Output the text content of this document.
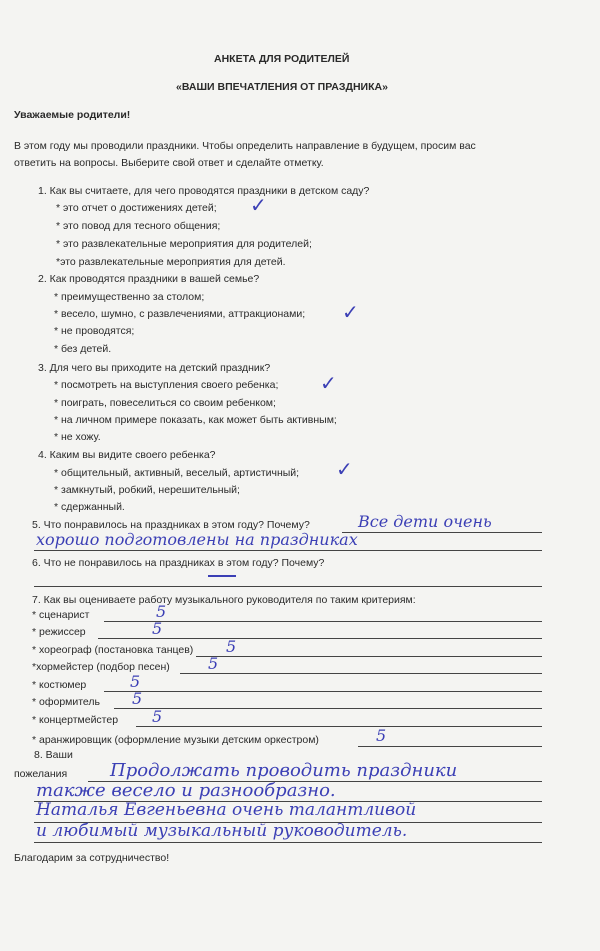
АНКЕТА ДЛЯ РОДИТЕЛЕЙ
«ВАШИ ВПЕЧАТЛЕНИЯ ОТ ПРАЗДНИКА»
Уважаемые родители!
В этом году мы проводили праздники. Чтобы определить направление в будущем, просим вас
ответить на вопросы. Выберите свой ответ и сделайте отметку.
1. Как вы считаете, для чего проводятся праздники в детском саду?
* это отчет о достижениях детей; ✓
* это повод для тесного общения;
* это развлекательные мероприятия для родителей;
*это развлекательные мероприятия для детей.
2. Как проводятся праздники в вашей семье?
* преимущественно за столом;
* весело, шумно, с развлечениями, аттракционами; ✓
* не проводятся;
* без детей.
3. Для чего вы приходите на детский праздник?
* посмотреть на выступления своего ребенка; ✓
* поиграть, повеселиться со своим ребенком;
* на личном примере показать, как может быть активным;
* не хожу.
4. Каким вы видите своего ребенка?
* общительный, активный, веселый, артистичный; ✓
* замкнутый, робкий, нерешительный;
* сдержанный.
5. Что понравилось на праздниках в этом году? Почему?	Все дети очень
хорошо подготовлены на праздниках
6. Что не понравилось на праздниках в этом году? Почему?
7. Как вы оцениваете работу музыкального руководителя по таким критериям:
* сценарист	5
* режиссер	5
* хореограф (постановка танцев) 5
*хормейстер (подбор песен) 5
* костюмер	5
* оформитель 5
* концертмейстер 5
* аранжировщик (оформление музыки детским оркестром)	5
8. Ваши
пожелания Продолжать проводить праздники
также весело и разнообразно.
Наталья Евгеньевна очень талантливой
и любимый музыкальный руководитель.
Благодарим за сотрудничество!
